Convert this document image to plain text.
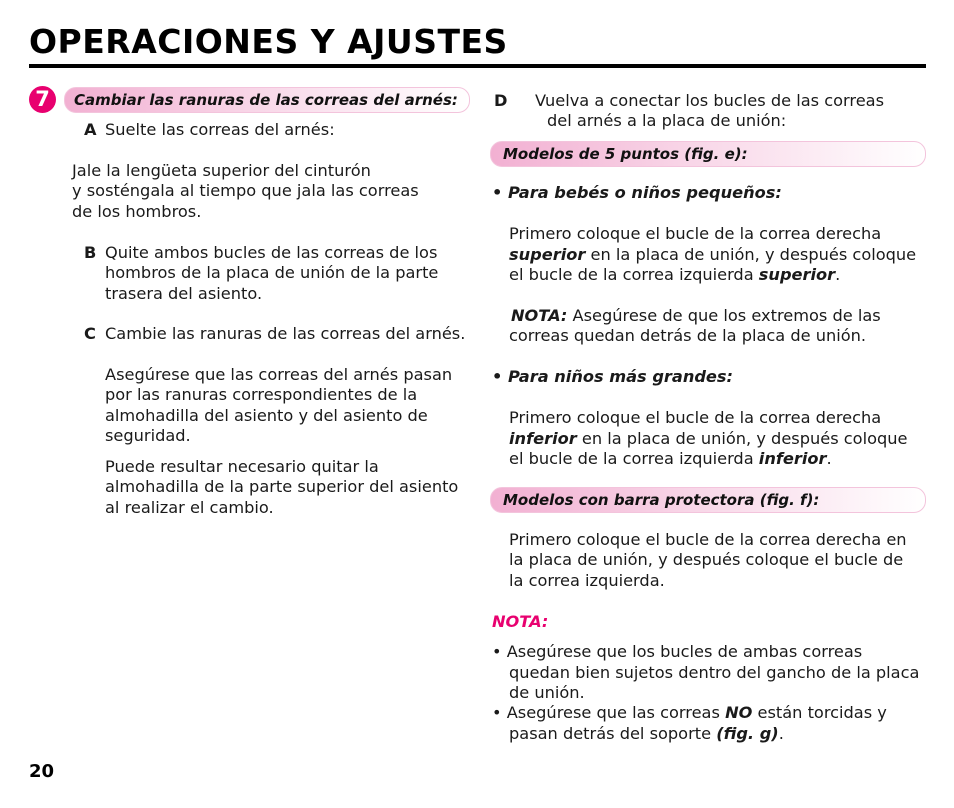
OPERACIONES Y AJUSTES
7	Cambiar las ranuras de las correas del arnés:
A Suelte las correas del arnés:
Jale la lengüeta superior del cinturón
y sosténgala al tiempo que jala las correas
de los hombros.
B Quite ambos bucles de las correas de los
hombros de la placa de unión de la parte
trasera del asiento.
C Cambie las ranuras de las correas del arnés.
Asegúrese que las correas del arnés pasan
por las ranuras correspondientes de la
almohadilla del asiento y del asiento de
seguridad.
Puede resultar necesario quitar la
almohadilla de la parte superior del asiento
al realizar el cambio.
D Vuelva a conectar los bucles de las correas
del arnés a la placa de unión:
Modelos de 5 puntos (fig. e):
• Para bebés o niños pequeños:
Primero coloque el bucle de la correa derecha
superior en la placa de unión, y después coloque
el bucle de la correa izquierda superior.
NOTA: Asegúrese de que los extremos de las
correas quedan detrás de la placa de unión.
• Para niños más grandes:
Primero coloque el bucle de la correa derecha
inferior en la placa de unión, y después coloque
el bucle de la correa izquierda inferior.
Modelos con barra protectora (fig. f):
Primero coloque el bucle de la correa derecha en
la placa de unión, y después coloque el bucle de
la correa izquierda.
NOTA:
• Asegúrese que los bucles de ambas correas
quedan bien sujetos dentro del gancho de la placa
de unión.
• Asegúrese que las correas NO están torcidas y
pasan detrás del soporte (fig. g).
20
